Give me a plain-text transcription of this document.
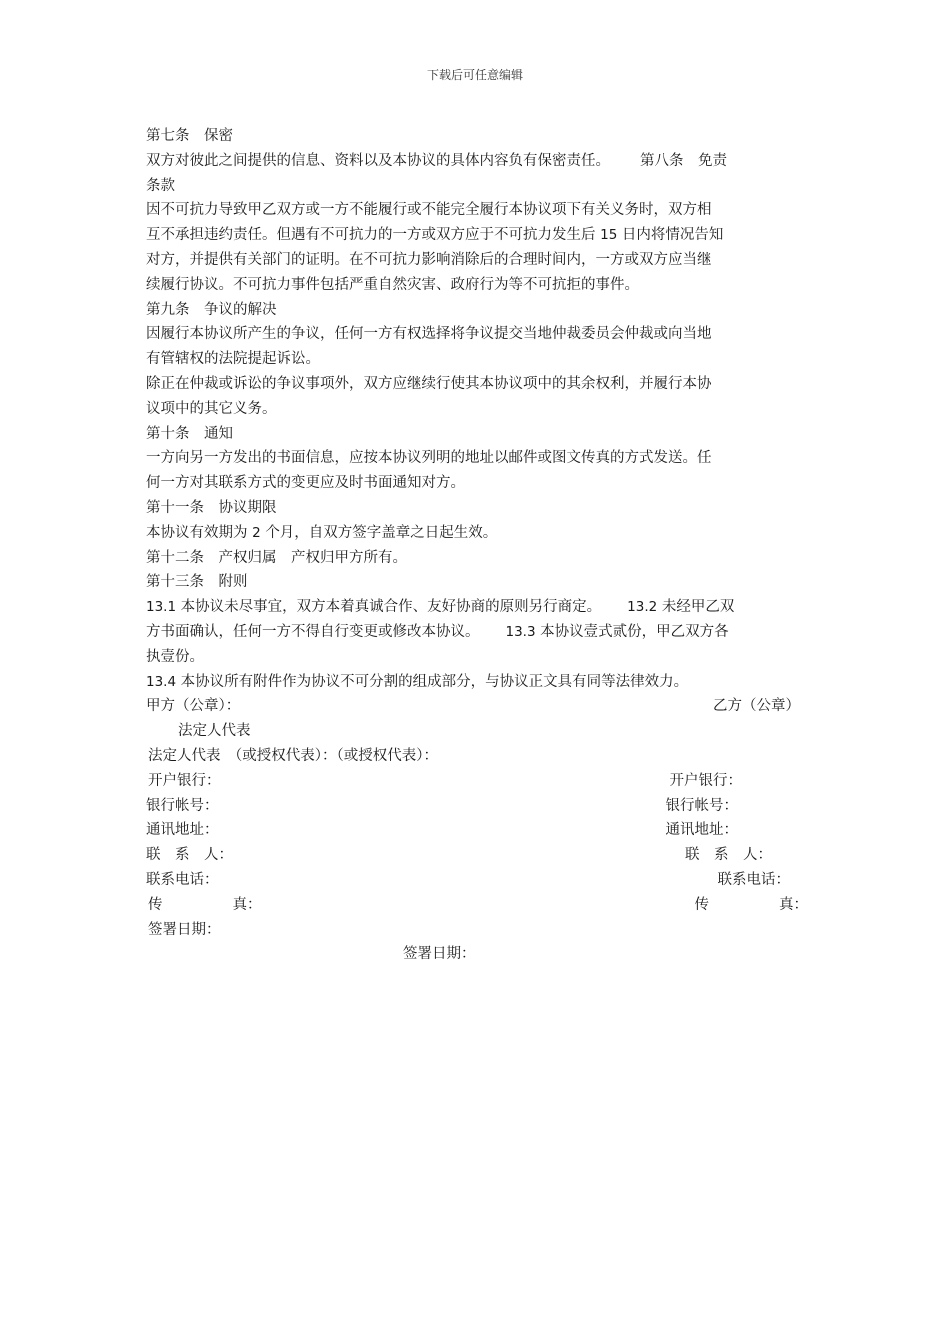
下载后可任意编辑

第七条　保密

双方对彼此之间提供的信息、资料以及本协议的具体内容负有保密责任。 第八条　免责

条款

因不可抗力导致甲乙双方或一方不能履行或不能完全履行本协议项下有关义务时，双方相

互不承担违约责任。但遇有不可抗力的一方或双方应于不可抗力发生后 15 日内将情况告知

对方，并提供有关部门的证明。在不可抗力影响消除后的合理时间内，一方或双方应当继

续履行协议。不可抗力事件包括严重自然灾害、政府行为等不可抗拒的事件。

第九条　争议的解决

因履行本协议所产生的争议，任何一方有权选择将争议提交当地仲裁委员会仲裁或向当地

有管辖权的法院提起诉讼。

除正在仲裁或诉讼的争议事项外，双方应继续行使其本协议项中的其余权利，并履行本协

议项中的其它义务。

第十条　通知

一方向另一方发出的书面信息，应按本协议列明的地址以邮件或图文传真的方式发送。任

何一方对其联系方式的变更应及时书面通知对方。

第十一条　协议期限

本协议有效期为 2 个月，自双方签字盖章之日起生效。

第十二条　产权归属　产权归甲方所有。

第十三条　附则

13.1 本协议未尽事宜，双方本着真诚合作、友好协商的原则另行商定。 13.2 未经甲乙双

方书面确认，任何一方不得自行变更或修改本协议。 13.3 本协议壹式贰份，甲乙双方各

执壹份。

13.4 本协议所有附件作为协议不可分割的组成部分，与协议正文具有同等法律效力。

甲方（公章）：	乙方（公章）

法定人代表

法定人代表　（或授权代表）：（或授权代表）：

开户银行：	开户银行：
银行帐号：	银行帐号：
通讯地址：	通讯地址：
联　系　人：	联　系　人：
联系电话：	联系电话：
传	真：	传	真：

签署日期：

签署日期：
